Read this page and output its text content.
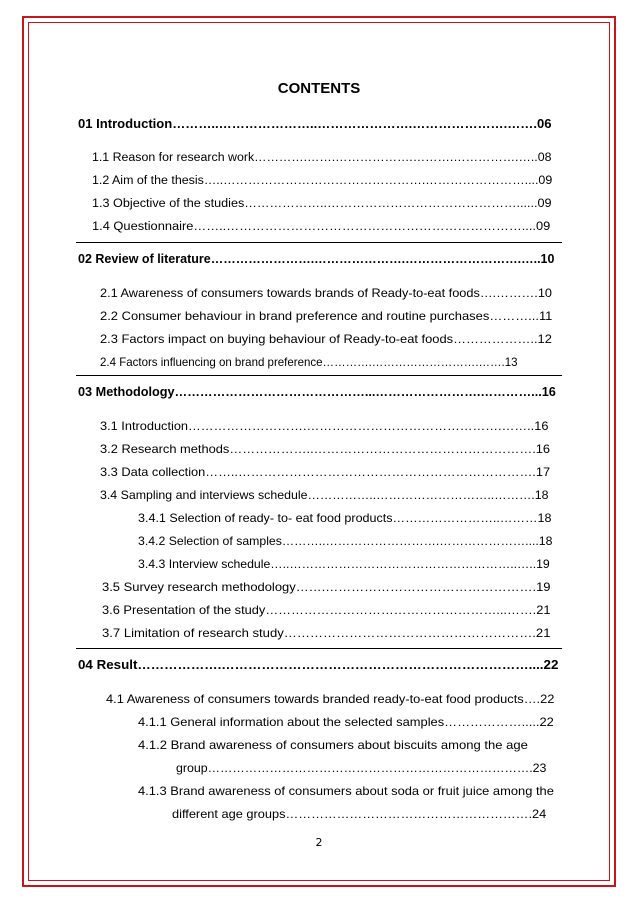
CONTENTS
01 Introduction………..…………………..………………….………………….…….06
1.1 Reason for research work………….…….……………….……….…………….…..08
1.2 Aim of the thesis…..………………………………………….……………………....09
1.3 Objective of the studies………………..………………………………………......09
1.4 Questionnaire……..……………………………………………………………....09
02 Review of literature…………………….………………….……………………….…..10
2.1 Awareness of consumers towards brands of Ready-to-eat foods….……….10
2.2 Consumer behaviour in brand preference and routine purchases………...11
2.3 Factors impact on buying behaviour of Ready-to-eat foods………………..12
2.4 Factors influencing on brand preference………….……………………….…….13
03 Methodology………………………………………...…………………….…………...16
3.1 Introduction……………………….……………………………………….……..16
3.2 Research methods………………..…………………………………………….16
3.3 Data collection……..…………………………………………………………….17
3.4 Sampling and interviews schedule……………..………………………..……….18
3.4.1 Selection of ready- to- eat food products……………………..………18
3.4.2 Selection of samples………..……………………….…………………....18
3.4.3 Interview schedule…..………………………………………………..…..19
3.5 Survey research methodology…….………………………………………….19
3.6 Presentation of the study………………………………………………...…….21
3.7 Limitation of research study………………………………………………….21
04 Result……………….……………………………………………………………....22
4.1 Awareness of consumers towards branded ready-to-eat food products….22
4.1.1 General information about the selected samples……………….....22
4.1.2 Brand awareness of consumers about biscuits among the age
group…………………………………………………………………….23
4.1.3 Brand awareness of consumers about soda or fruit juice among the
different age groups………………………………………………….24
2
